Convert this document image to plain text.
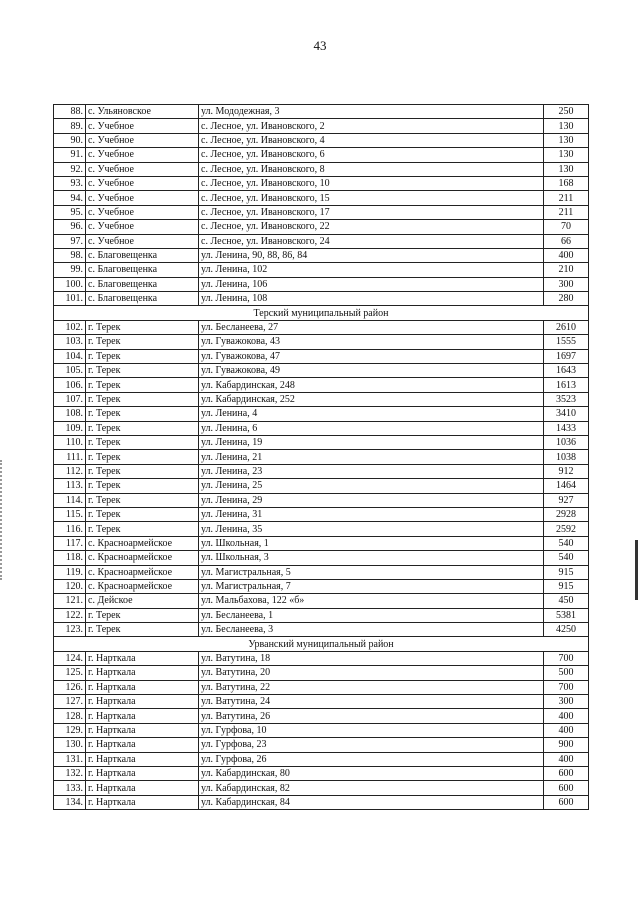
43
88.	с. Ульяновское	ул. Мододежная, 3	250
89.	с. Учебное	с. Лесное, ул. Ивановского, 2	130
90.	с. Учебное	с. Лесное, ул. Ивановского, 4	130
91.	с. Учебное	с. Лесное, ул. Ивановского, 6	130
92.	с. Учебное	с. Лесное, ул. Ивановского, 8	130
93.	с. Учебное	с. Лесное, ул. Ивановского, 10	168
94.	с. Учебное	с. Лесное, ул. Ивановского, 15	211
95.	с. Учебное	с. Лесное, ул. Ивановского, 17	211
96.	с. Учебное	с. Лесное, ул. Ивановского, 22	70
97.	с. Учебное	с. Лесное, ул. Ивановского, 24	66
98.	с. Благовещенка	ул. Ленина, 90, 88, 86, 84	400
99.	с. Благовещенка	ул. Ленина, 102	210
100.	с. Благовещенка	ул. Ленина, 106	300
101.	с. Благовещенка	ул. Ленина, 108	280
Терский муниципальный район			
102.	г. Терек	ул. Бесланеева, 27	2610
103.	г. Терек	ул. Гуважокова, 43	1555
104.	г. Терек	ул. Гуважокова, 47	1697
105.	г. Терек	ул. Гуважокова, 49	1643
106.	г. Терек	ул. Кабардинская, 248	1613
107.	г. Терек	ул. Кабардинская, 252	3523
108.	г. Терек	ул. Ленина, 4	3410
109.	г. Терек	ул. Ленина, 6	1433
110.	г. Терек	ул. Ленина, 19	1036
111.	г. Терек	ул. Ленина, 21	1038
112.	г. Терек	ул. Ленина, 23	912
113.	г. Терек	ул. Ленина, 25	1464
114.	г. Терек	ул. Ленина, 29	927
115.	г. Терек	ул. Ленина, 31	2928
116.	г. Терек	ул. Ленина, 35	2592
117.	с. Красноармейское	ул. Школьная, 1	540
118.	с. Красноармейское	ул. Школьная, 3	540
119.	с. Красноармейское	ул. Магистральная, 5	915
120.	с. Красноармейское	ул. Магистральная, 7	915
121.	с. Дейское	ул. Мальбахова, 122 «б»	450
122.	г. Терек	ул. Бесланеева, 1	5381
123.	г. Терек	ул. Бесланеева, 3	4250
Урванский муниципальный район			
124.	г. Нарткала	ул. Ватутина, 18	700
125.	г. Нарткала	ул. Ватутина, 20	500
126.	г. Нарткала	ул. Ватутина, 22	700
127.	г. Нарткала	ул. Ватутина, 24	300
128.	г. Нарткала	ул. Ватутина, 26	400
129.	г. Нарткала	ул. Гурфова, 10	400
130.	г. Нарткала	ул. Гурфова, 23	900
131.	г. Нарткала	ул. Гурфова, 26	400
132.	г. Нарткала	ул. Кабардинская, 80	600
133.	г. Нарткала	ул. Кабардинская, 82	600
134.	г. Нарткала	ул. Кабардинская, 84	600
